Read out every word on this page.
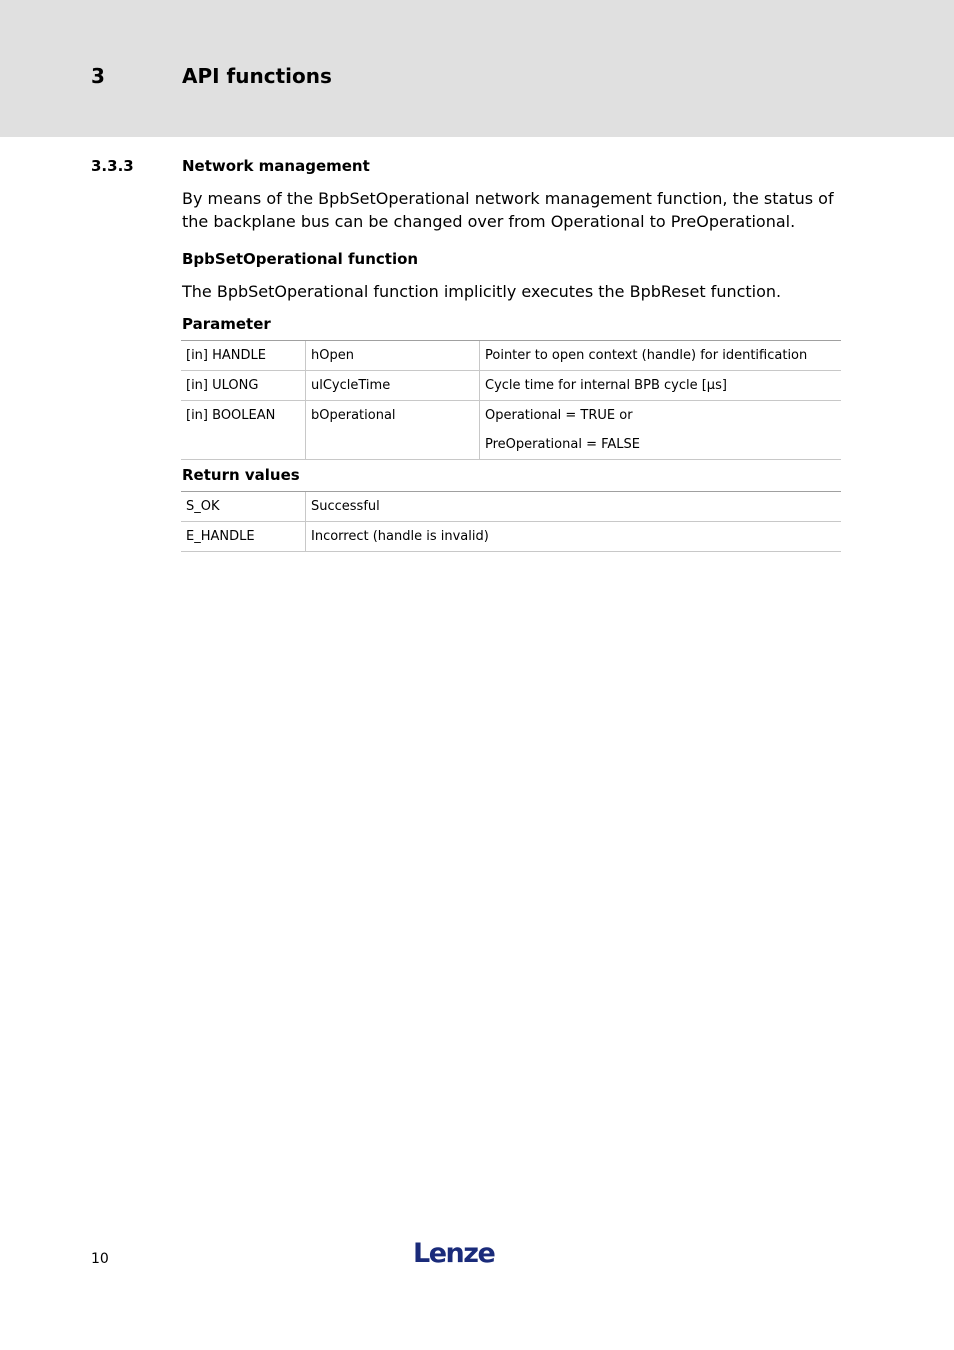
3	API functions
3.3.3	Network management
By means of the BpbSetOperational network management function, the status of the backplane bus can be changed over from Operational to PreOperational.
BpbSetOperational function
The BpbSetOperational function implicitly executes the BpbReset function.
Parameter
[in] HANDLE	hOpen	Pointer to open context (handle) for identification
[in] ULONG	ulCycleTime	Cycle time for internal BPB cycle [µs]
[in] BOOLEAN	bOperational	Operational = TRUE or
PreOperational = FALSE
Return values
S_OK	Successful
E_HANDLE	Incorrect (handle is invalid)
10	Lenze
